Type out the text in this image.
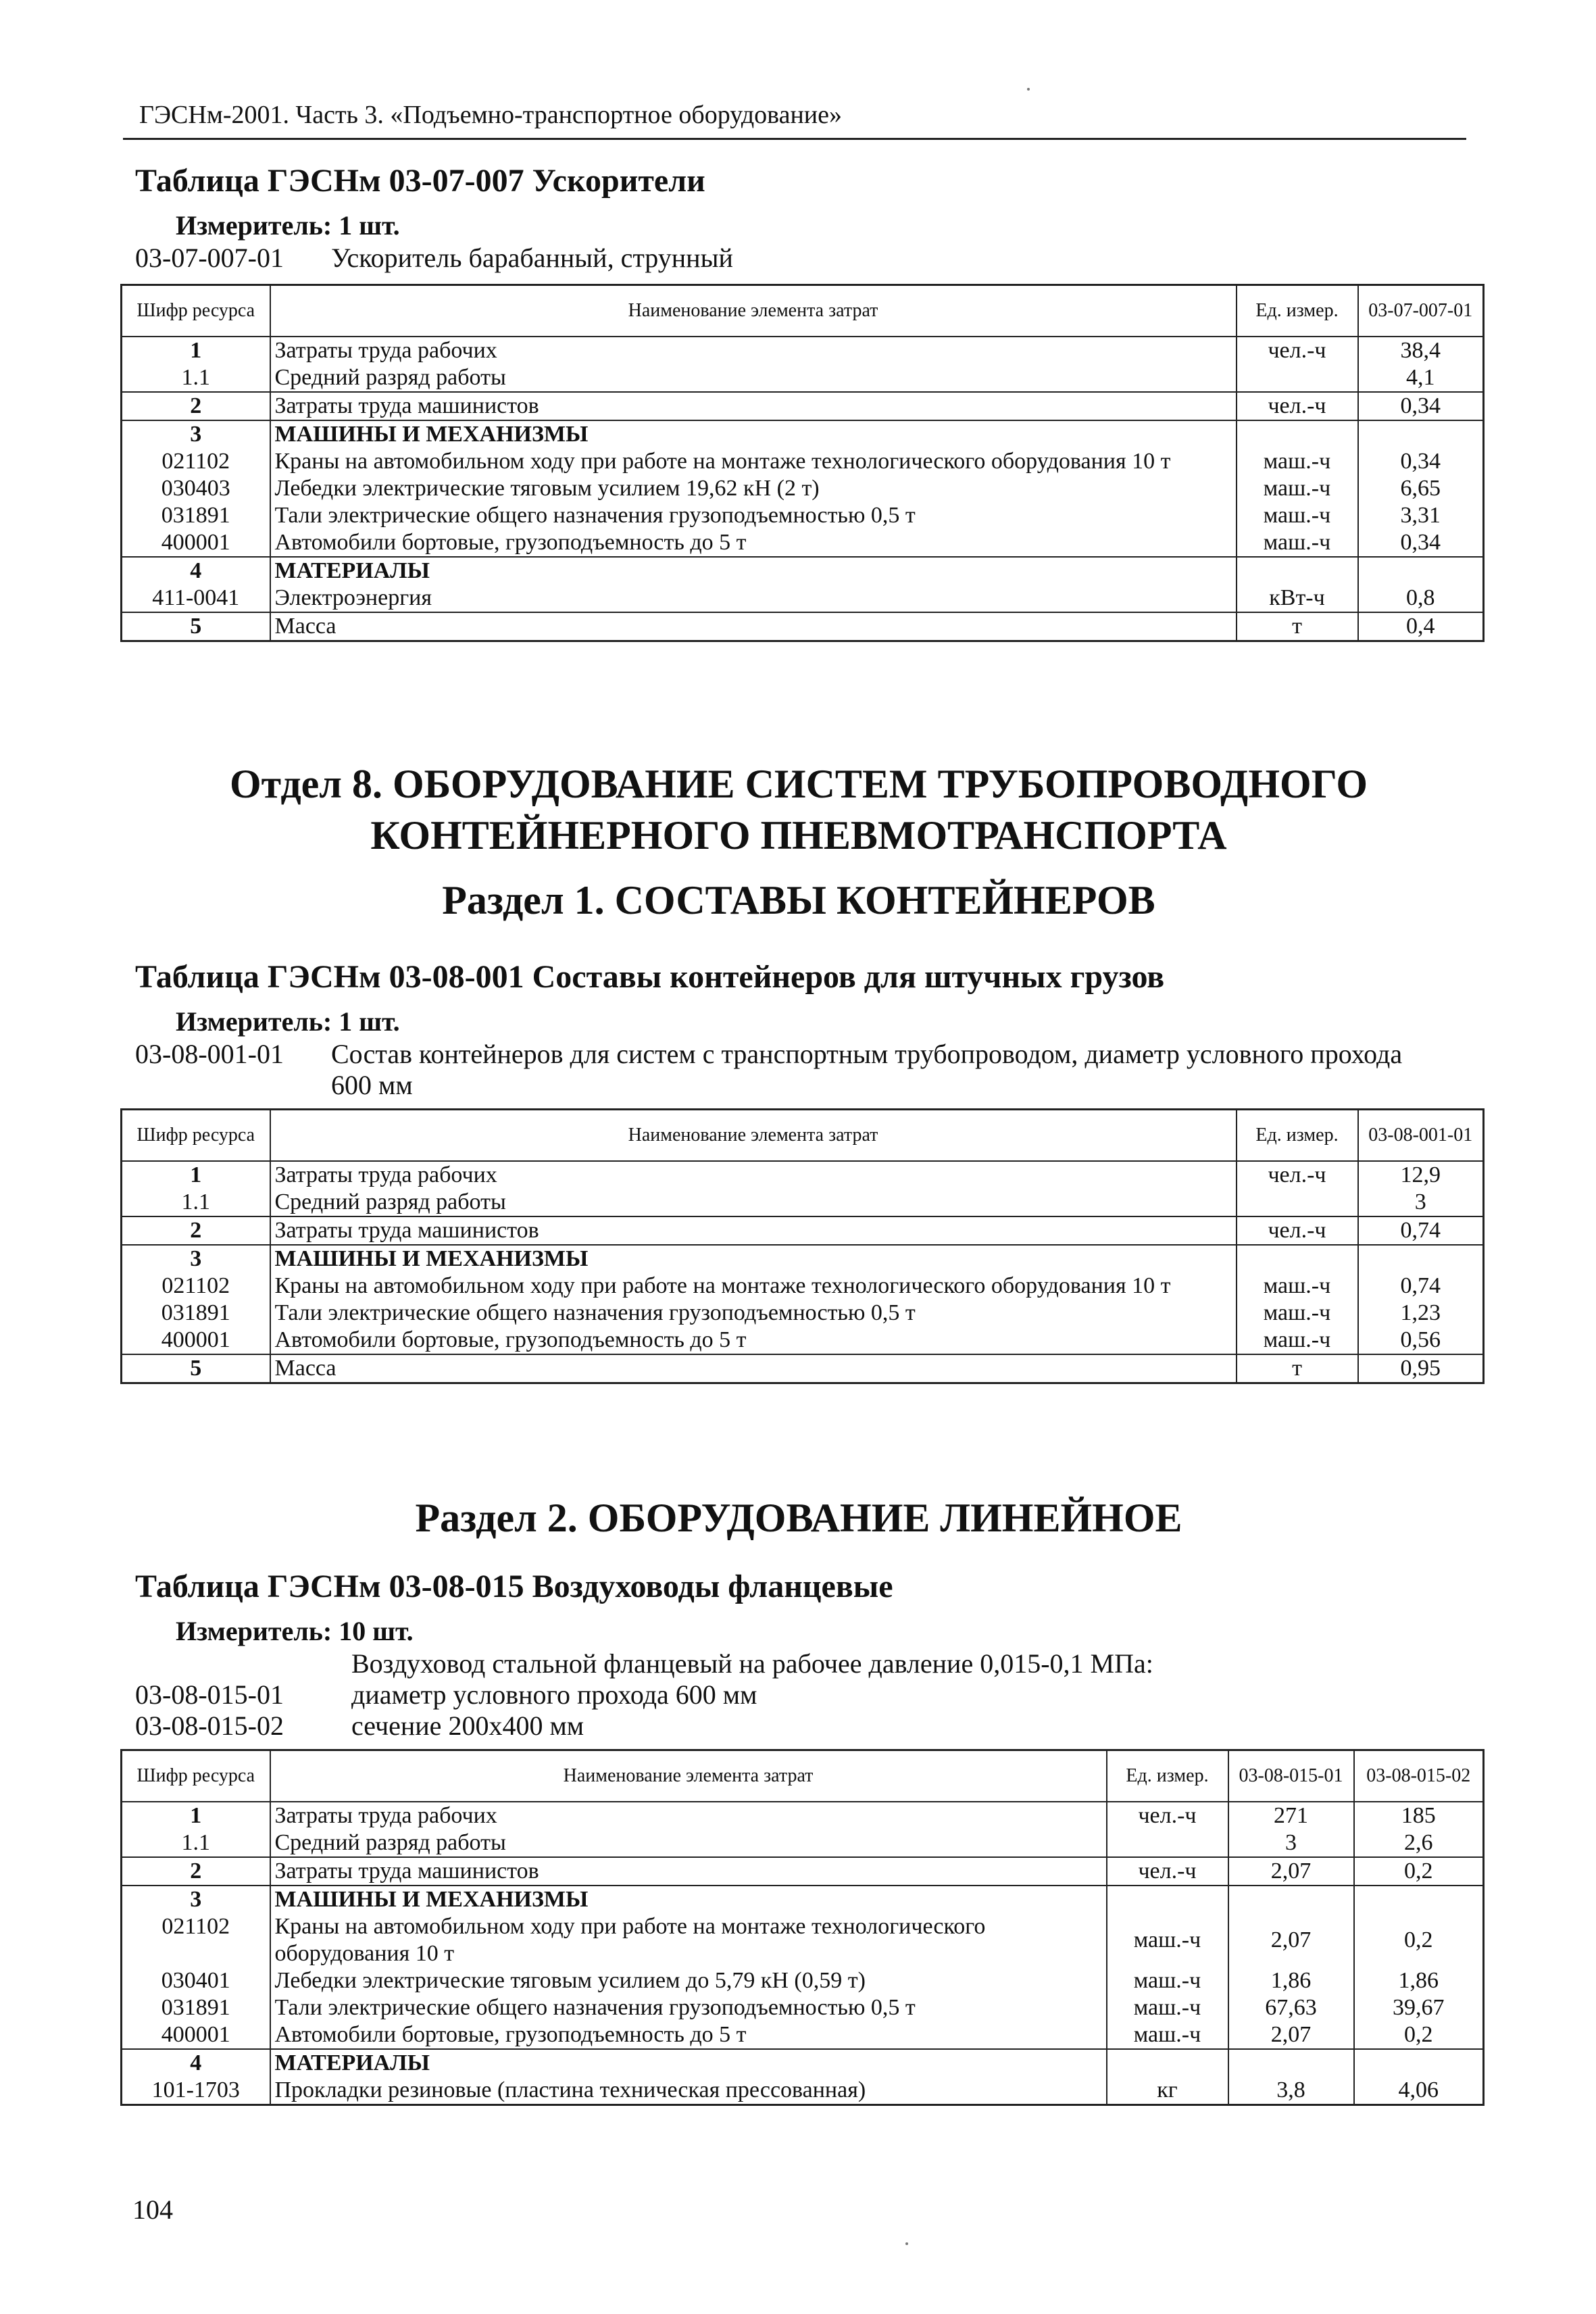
ГЭСНм-2001. Часть 3. «Подъемно-транспортное оборудование»
Таблица ГЭСНм 03-07-007 Ускорители
Измеритель: 1 шт.
03-07-007-01 Ускоритель барабанный, струнный
Шифр ресурса	Наименование элемента затрат	Ед. измер.	03-07-007-01
1	Затраты труда рабочих	чел.-ч	38,4
1.1	Средний разряд работы		4,1
2	Затраты труда машинистов	чел.-ч	0,34
3	МАШИНЫ И МЕХАНИЗМЫ		
021102	Краны на автомобильном ходу при работе на монтаже технологического оборудования 10 т	маш.-ч	0,34
030403	Лебедки электрические тяговым усилием 19,62 кН (2 т)	маш.-ч	6,65
031891	Тали электрические общего назначения грузоподъемностью 0,5 т	маш.-ч	3,31
400001	Автомобили бортовые, грузоподъемность до 5 т	маш.-ч	0,34
4	МАТЕРИАЛЫ		
411-0041	Электроэнергия	кВт-ч	0,8
5	Масса	т	0,4
Отдел 8. ОБОРУДОВАНИЕ СИСТЕМ ТРУБОПРОВОДНОГО
КОНТЕЙНЕРНОГО ПНЕВМОТРАНСПОРТА
Раздел 1. СОСТАВЫ КОНТЕЙНЕРОВ
Таблица ГЭСНм 03-08-001 Составы контейнеров для штучных грузов
Измеритель: 1 шт.
03-08-001-01 Состав контейнеров для систем с транспортным трубопроводом, диаметр условного прохода
600 мм
Шифр ресурса	Наименование элемента затрат	Ед. измер.	03-08-001-01
1	Затраты труда рабочих	чел.-ч	12,9
1.1	Средний разряд работы		3
2	Затраты труда машинистов	чел.-ч	0,74
3	МАШИНЫ И МЕХАНИЗМЫ		
021102	Краны на автомобильном ходу при работе на монтаже технологического оборудования 10 т	маш.-ч	0,74
031891	Тали электрические общего назначения грузоподъемностью 0,5 т	маш.-ч	1,23
400001	Автомобили бортовые, грузоподъемность до 5 т	маш.-ч	0,56
5	Масса	т	0,95
Раздел 2. ОБОРУДОВАНИЕ ЛИНЕЙНОЕ
Таблица ГЭСНм 03-08-015 Воздуховоды фланцевые
Измеритель: 10 шт.
Воздуховод стальной фланцевый на рабочее давление 0,015-0,1 МПа:
03-08-015-01	диаметр условного прохода 600 мм
03-08-015-02	сечение 200х400 мм
Шифр ресурса	Наименование элемента затрат	Ед. измер.	03-08-015-01	03-08-015-02
1	Затраты труда рабочих	чел.-ч	271	185
1.1	Средний разряд работы		3	2,6
2	Затраты труда машинистов	чел.-ч	2,07	0,2
3	МАШИНЫ И МЕХАНИЗМЫ			
021102	Краны на автомобильном ходу при работе на монтаже технологического оборудования 10 т	маш.-ч	2,07	0,2
030401	Лебедки электрические тяговым усилием до 5,79 кН (0,59 т)	маш.-ч	1,86	1,86
031891	Тали электрические общего назначения грузоподъемностью 0,5 т	маш.-ч	67,63	39,67
400001	Автомобили бортовые, грузоподъемность до 5 т	маш.-ч	2,07	0,2
4	МАТЕРИАЛЫ			
101-1703	Прокладки резиновые (пластина техническая прессованная)	кг	3,8	4,06
104
